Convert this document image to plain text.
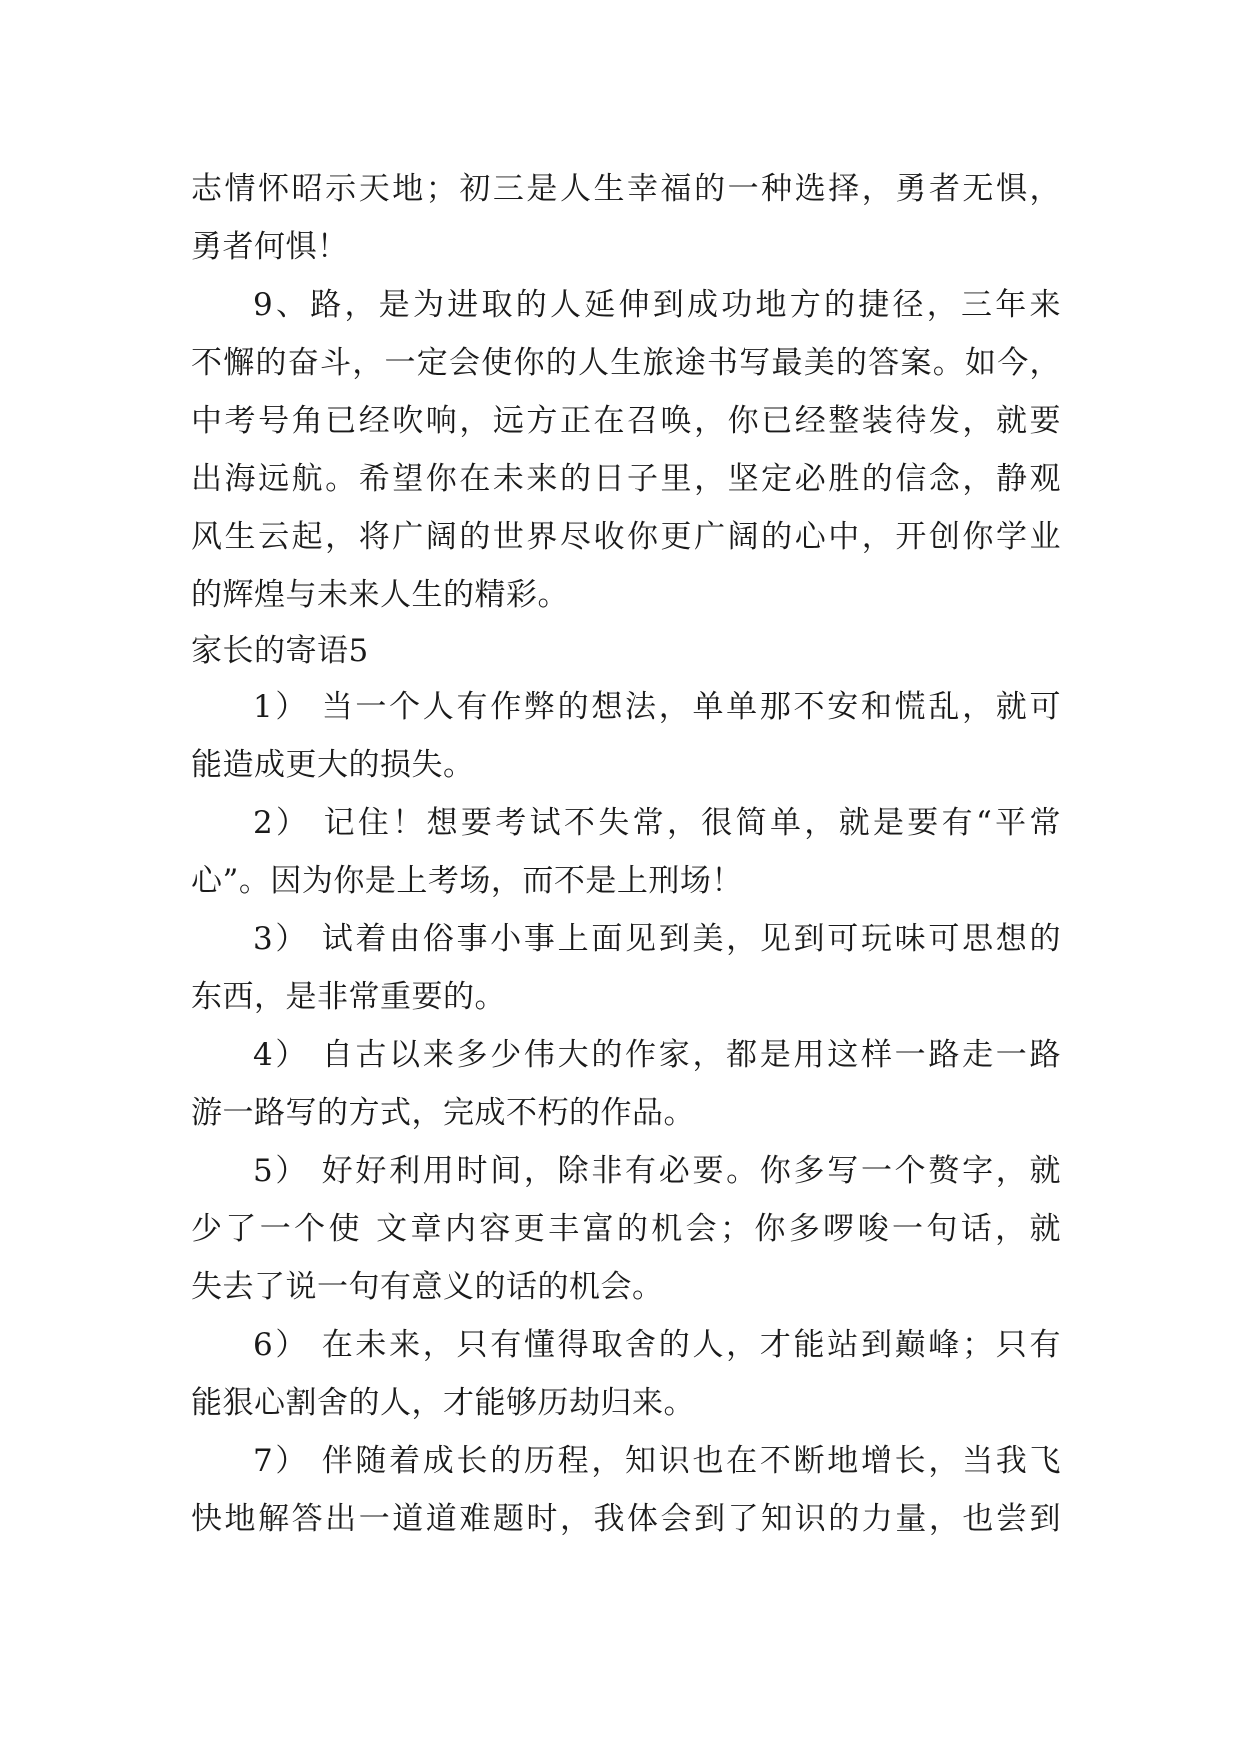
志情怀昭示天地；初三是人生幸福的一种选择，勇者无惧，
勇者何惧！
9、路，是为进取的人延伸到成功地方的捷径，三年来
不懈的奋斗，一定会使你的人生旅途书写最美的答案。如今，
中考号角已经吹响，远方正在召唤，你已经整装待发，就要
出海远航。希望你在未来的日子里，坚定必胜的信念，静观
风生云起，将广阔的世界尽收你更广阔的心中，开创你学业
的辉煌与未来人生的精彩。
家长的寄语5
1） 当一个人有作弊的想法，单单那不安和慌乱，就可
能造成更大的损失。
2） 记住！想要考试不失常，很简单，就是要有“平常
心”。因为你是上考场，而不是上刑场！
3） 试着由俗事小事上面见到美，见到可玩味可思想的
东西，是非常重要的。
4） 自古以来多少伟大的作家，都是用这样一路走一路
游一路写的方式，完成不朽的作品。
5） 好好利用时间，除非有必要。你多写一个赘字，就
少了一个使 文章内容更丰富的机会；你多啰唆一句话，就
失去了说一句有意义的话的机会。
6） 在未来，只有懂得取舍的人，才能站到巅峰；只有
能狠心割舍的人，才能够历劫归来。
7） 伴随着成长的历程，知识也在不断地增长，当我飞
快地解答出一道道难题时，我体会到了知识的力量，也尝到
